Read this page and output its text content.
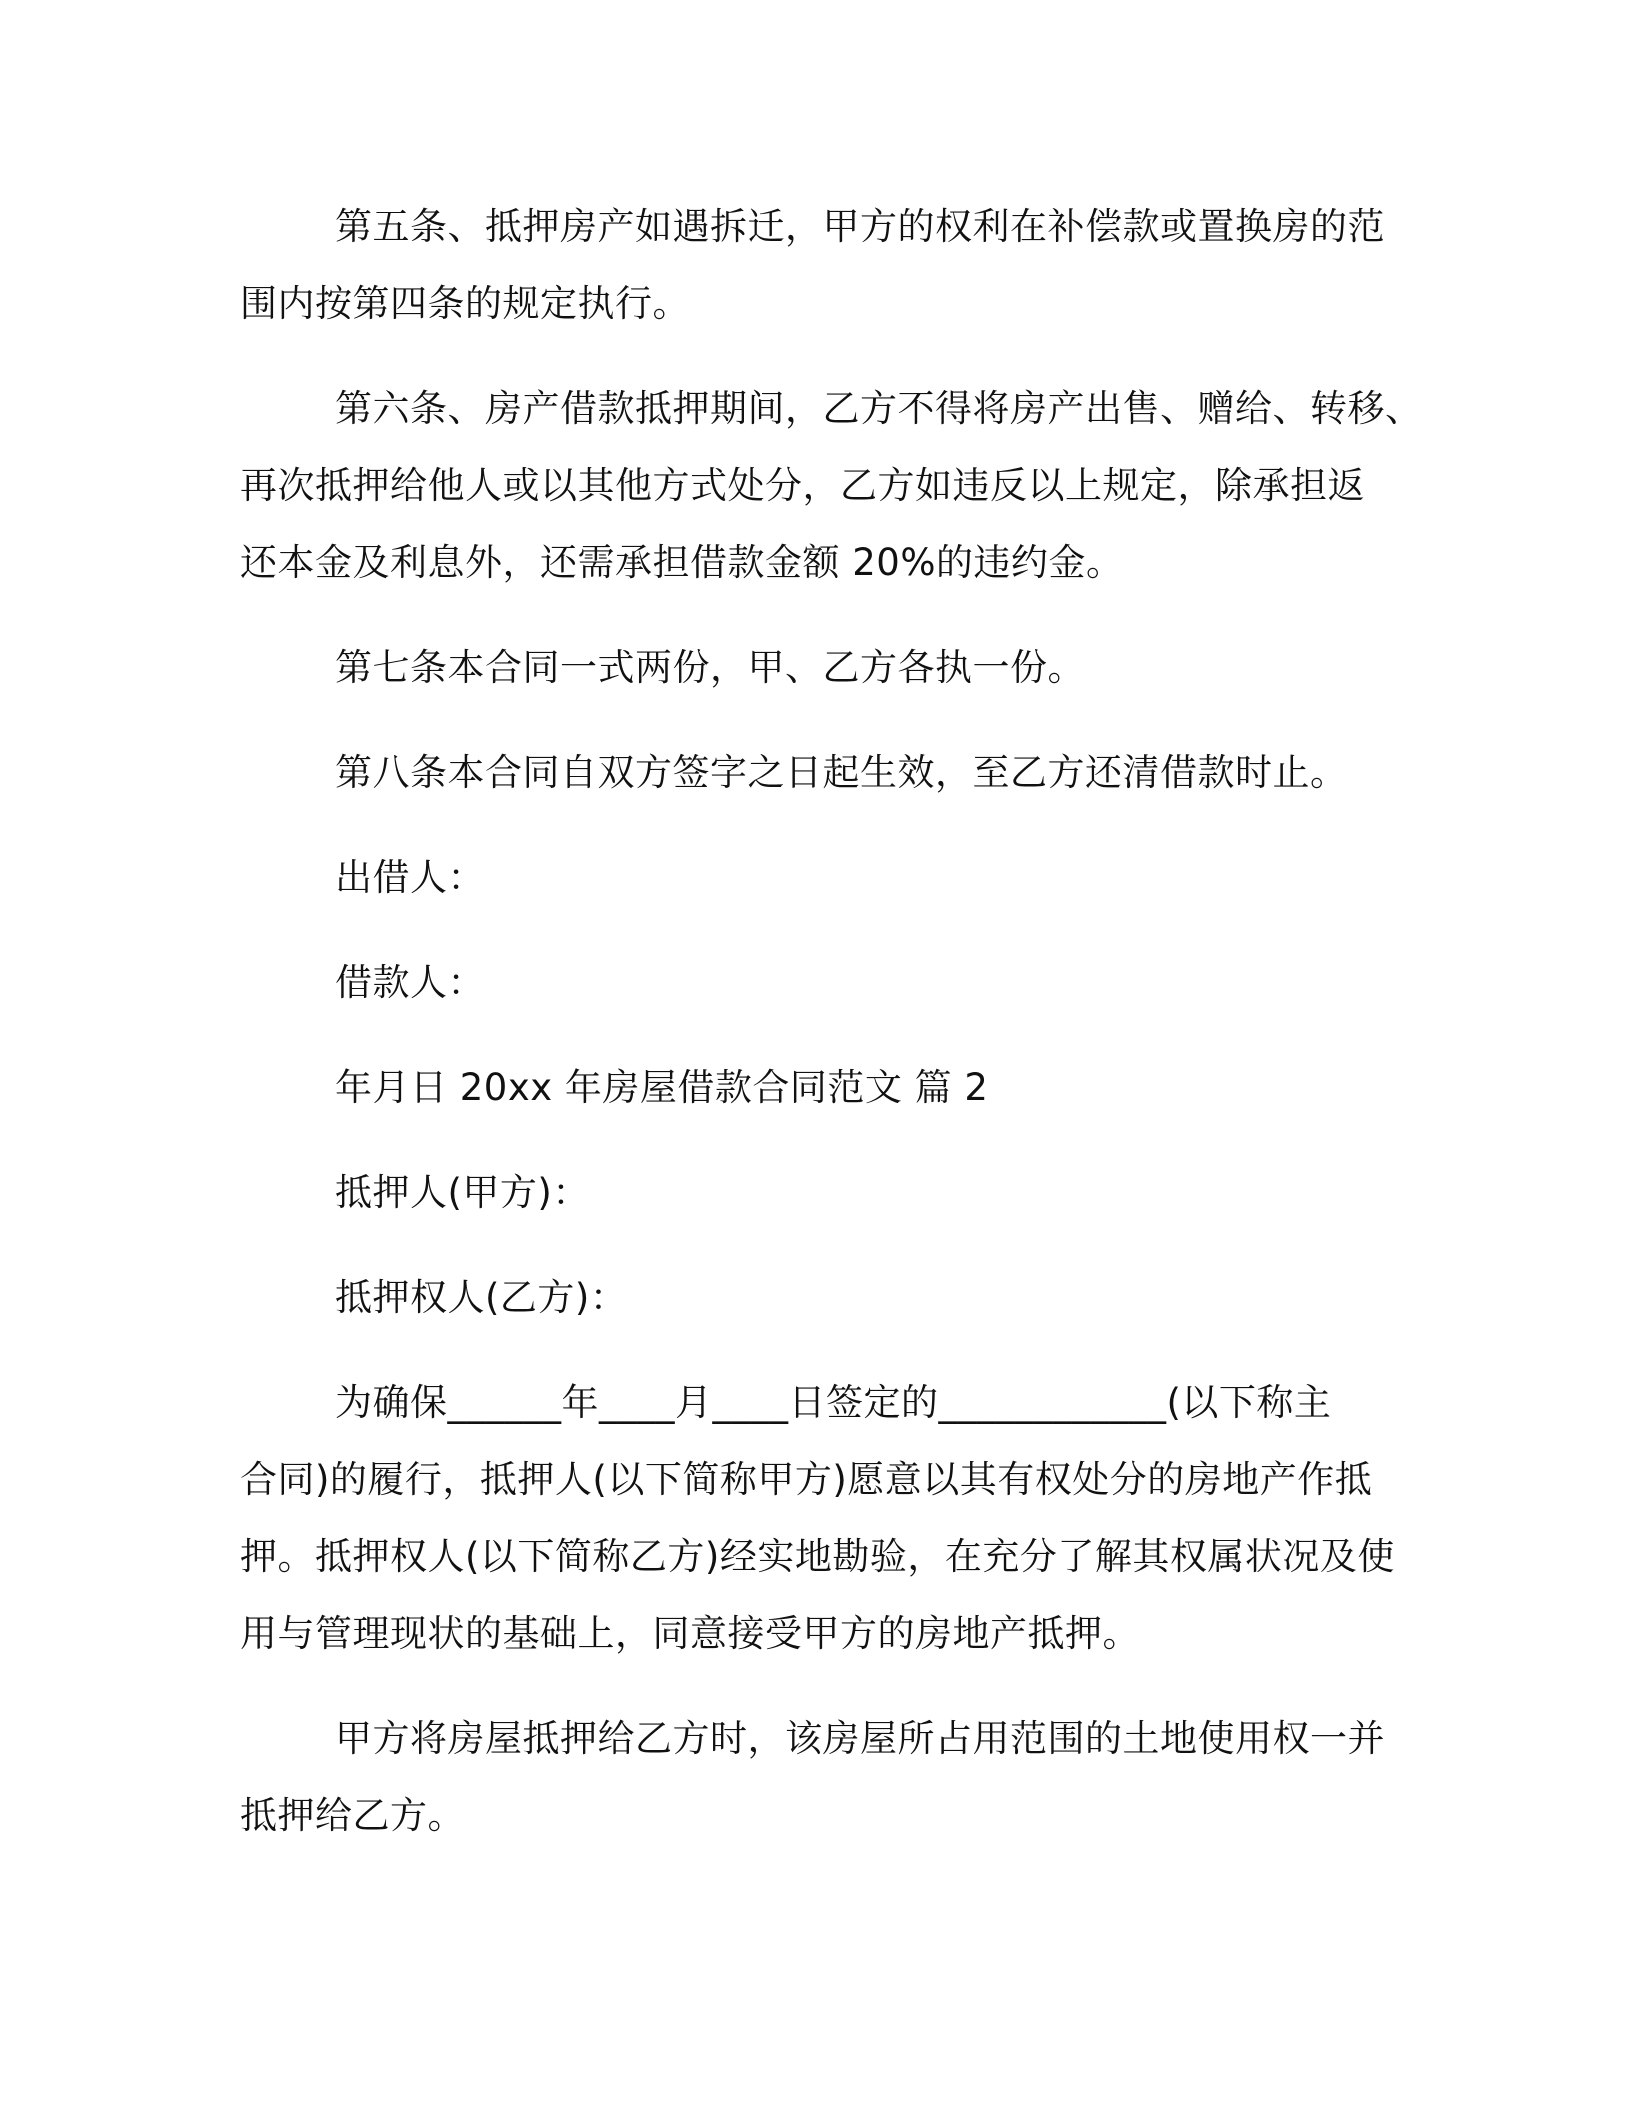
第五条、抵押房产如遇拆迁，甲方的权利在补偿款或置换房的范
围内按第四条的规定执行。
第六条、房产借款抵押期间，乙方不得将房产出售、赠给、转移、
再次抵押给他人或以其他方式处分，乙方如违反以上规定，除承担返
还本金及利息外，还需承担借款金额 20%的违约金。
第七条本合同一式两份，甲、乙方各执一份。
第八条本合同自双方签字之日起生效，至乙方还清借款时止。
出借人：
借款人：
年月日 20xx 年房屋借款合同范文 篇 2
抵押人(甲方)：
抵押权人(乙方)：
为确保______年____月____日签定的____________(以下称主
合同)的履行，抵押人(以下简称甲方)愿意以其有权处分的房地产作抵
押。抵押权人(以下简称乙方)经实地勘验，在充分了解其权属状况及使
用与管理现状的基础上，同意接受甲方的房地产抵押。
甲方将房屋抵押给乙方时，该房屋所占用范围的土地使用权一并
抵押给乙方。
